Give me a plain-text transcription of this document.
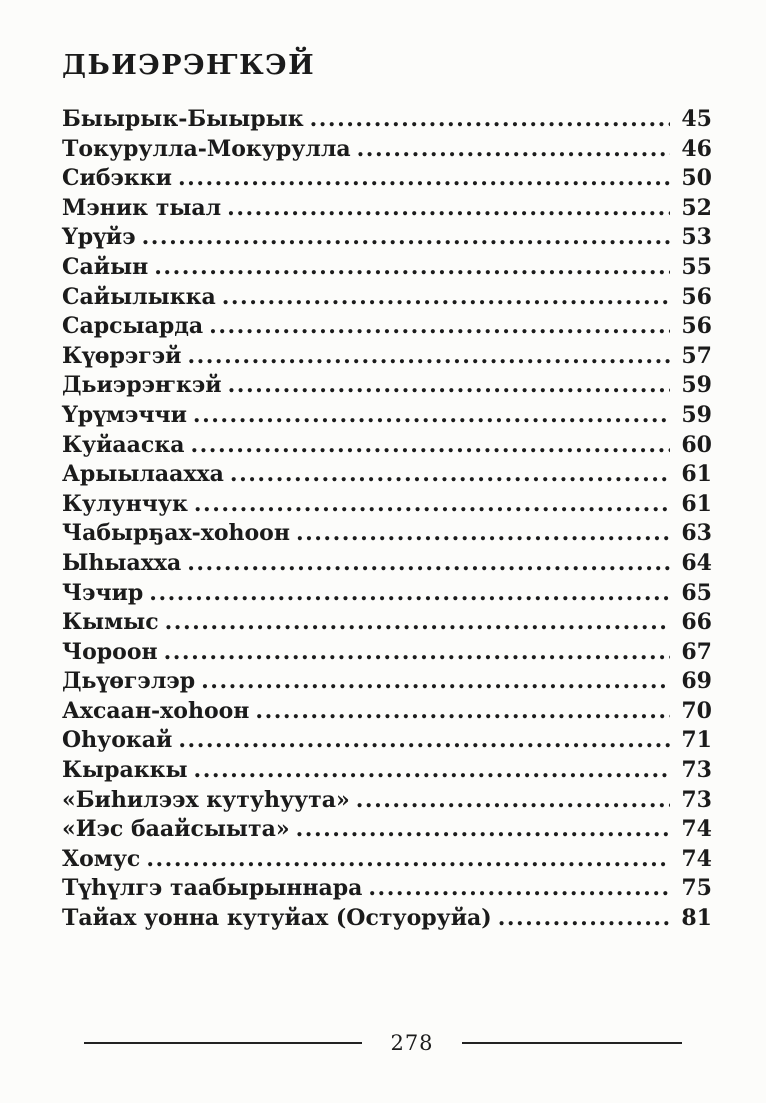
ДЬИЭРЭҤКЭЙ
Быырык-Быырык .....	45
Токурулла-Мокурулла .....	46
Сибэкки .....	50
Мэник тыал .....	52
Үрүйэ .....	53
Сайын .....	55
Сайылыкка .....	56
Сарсыарда .....	56
Күөрэгэй .....	57
Дьиэрэҥкэй .....	59
Үрүмэччи .....	59
Куйааска .....	60
Арыылаахха .....	61
Кулунчук .....	61
Чабырҕах-хоһоон .....	63
Ыһыахха .....	64
Чэчир .....	65
Кымыс .....	66
Чороон .....	67
Дьүөгэлэр .....	69
Ахсаан-хоһоон .....	70
Оһуокай .....	71
Кыраккы .....	73
«Биһилээх кутуһуута» .....	73
«Иэс баайсыыта» .....	74
Хомус .....	74
Түһүлгэ таабырыннара .....	75
Тайах уонна кутуйах (Остуоруйа) .....	81
278
